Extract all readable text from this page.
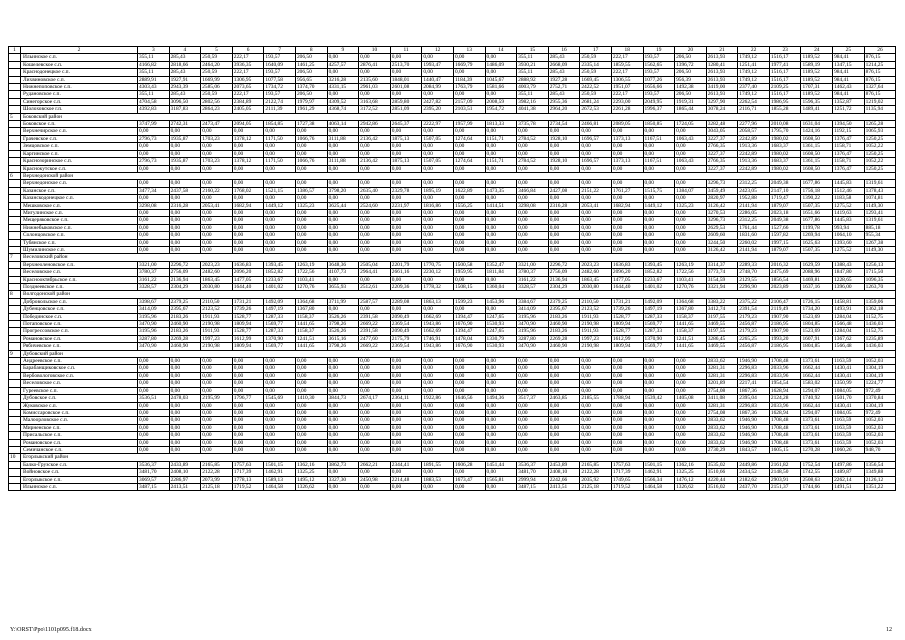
1	2	3	4	5	6	7	8	9	10	11	12	13	14	15	16	17	18	19	20	21	22	23	24	25	26
	Ильинское с.п.	355,11	285,43	250,59	222,17	193,57	206,50	0,00	0,00	0,00	0,00	0,00	0,00	355,11	285,43	250,59	222,17	193,57	206,50	2613,93	1749,12	1516,17	1189,52	984,41	876,15
	Кошелевское с.п.	4166,82	2818,66	2464,20	3936,35	1640,09	1461,25	4257,57	2876,41	2513,70	1993,47	1669,79	1486,09	3930,21	2668,09	2335,14	1859,55	1562,65	1396,72	1280,41	1251,41	1977,41	1589,19	1347,15	1214,25
	Краснодонецкое с.п.	355,11	285,43	250,59	222,17	193,57	206,50	0,00	0,00	0,00	0,00	0,00	0,00	355,11	285,43	250,59	222,17	193,57	206,50	2613,93	1749,12	1516,17	1189,52	984,41	876,15
	Лихвиновское с.п.	2889,91	1927,91	1669,99	1306,95	1077,58	956,65	3216,28	2135,60	1848,01	1440,47	1184,39	1045,67	2888,92	1927,28	1669,45	1306,55	1077,26	956,39	2613,93	1749,12	1516,17	1189,52	984,41	876,15
	Нижнепоповское с.п.	4303,43	2943,39	2585,06	2073,65	1734,72	1374,70	4331,15	2961,03	2601,08	2084,99	1763,79	1581,66	4003,79	2752,71	2422,52	1951,07	1656,66	1492,38	3419,00	2377,40	2109,25	1707,31	1462,43	1327,64
	Рудановское с.п.	355,11	285,43	250,59	222,17	193,57	206,50	0,00	0,00	0,00	0,00	0,00	0,00	355,11	285,43	250,59	222,17	193,57	206,50	2613,93	1749,12	1516,17	1189,52	984,41	876,15
	Синегорское с.п.	4704,58	3096,50	2802,56	2384,89	2122,74	1979,97	4309,52	3163,68	2859,80	2427,82	2157,09	2008,59	3982,16	2955,36	2681,24	2293,00	2049,95	1919,31	3297,90	2262,54	1986,95	1596,35	1352,87	1219,02
	Шолоховское г.п.	4392,83	3187,83	2864,23	2405,05	2111,39	1961,29	4368,74	3172,52	2851,09	2395,20	2103,51	1954,72	4041,38	2964,20	2672,53	2261,28	1996,37	1865,44	3078,24	2116,71	1855,28	1489,41	1251,72	1135,94
5	Боковский район																								
	Боковское с.п.	3747,99	2742,31	2473,47	2094,05	1854,85	1727,38	4063,14	2942,86	2645,37	2222,97	1957,99	1813,33	3735,78	2734,54	2466,81	2089,05	1850,85	1724,05	3282,48	2277,96	2010,08	1631,04	1394,50	1265,28
	Верхнечирское с.п.	0,00	0,00	0,00	0,00	0,00	0,00	0,00	0,00	0,00	0,00	0,00	0,00	0,00	0,00	0,00	0,00	0,00	0,00	3043,05	2058,57	1795,70	1424,16	1192,15	1065,93
	Грачевское с.п.	2796,73	1935,87	1703,23	1378,12	1171,50	1066,76	3111,88	2136,42	1875,13	1507,05	1274,64	1151,71	2784,52	1928,10	1696,57	1373,13	1167,51	1063,43	3227,37	2242,89	1980,02	1608,50	1376,47	1250,25
	Земцовское с.п.	0,00	0,00	0,00	0,00	0,00	0,00	0,00	0,00	0,00	0,00	0,00	0,00	0,00	0,00	0,00	0,00	0,00	0,00	2766,35	1913,36	1683,37	1361,15	1158,71	1052,22
	Каргинское с.п.	0,00	0,00	0,00	0,00	0,00	0,00	0,00	0,00	0,00	0,00	0,00	0,00	0,00	0,00	0,00	0,00	0,00	0,00	3227,37	2242,89	1980,02	1608,50	1376,47	1250,25
	Краснозоринское с.п.	2796,73	1935,87	1703,23	1378,12	1171,50	1066,76	3111,88	2136,42	1875,13	1507,05	1274,64	1151,71	2784,52	1928,10	1696,57	1373,13	1167,51	1063,43	2766,35	1913,36	1683,37	1361,15	1158,71	1052,22
	Краснокутское с.п.	0,00	0,00	0,00	0,00	0,00	0,00	0,00	0,00	0,00	0,00	0,00	0,00	0,00	0,00	0,00	0,00	0,00	0,00	3227,37	2242,89	1980,02	1608,50	1376,47	1250,25
6	Верхнедонской район																								
	Верхнедонское с.п.	0,00	0,00	0,00	0,00	0,00	0,00	0,00	0,00	0,00	0,00	0,00	0,00	0,00	0,00	0,00	0,00	0,00	0,00	3296,73	2312,25	2049,38	1677,86	1445,83	1319,61
	Казанское с.п.	3477,34	2437,58	2160,22	1768,02	1521,15	1386,57	3798,20	2635,40	2329,78	1895,19	1622,89	1473,35	3466,84	2427,08	2151,22	1761,27	1515,75	1384,07	3459,49	2423,05	2147,10	1756,18	1512,46	1378,43
	Казанскодонецкое с.п.	0,00	0,00	0,00	0,00	0,00	0,00	0,00	0,00	0,00	0,00	0,00	0,00	0,00	0,00	0,00	0,00	0,00	0,00	2820,97	1952,88	1719,47	1390,22	1183,58	1074,81
	Мешковское с.п.	3298,08	2316,28	2053,41	1682,94	1449,12	1325,23	3625,44	2524,60	2231,97	1816,86	1556,25	1414,51	3298,08	2316,28	2053,41	1682,94	1449,12	1325,23	3126,42	2141,94	1879,07	1507,35	1275,52	1149,30
	Мигулинское с.п.	0,00	0,00	0,00	0,00	0,00	0,00	0,00	0,00	0,00	0,00	0,00	0,00	0,00	0,00	0,00	0,00	0,00	0,00	3270,53	2286,05	2023,18	1651,66	1419,63	1293,41
	Мещеряковское с.п.	0,00	0,00	0,00	0,00	0,00	0,00	0,00	0,00	0,00	0,00	0,00	0,00	0,00	0,00	0,00	0,00	0,00	0,00	3296,73	2312,25	2049,38	1677,86	1445,83	1319,61
	Нижнебыковское с.п.	0,00	0,00	0,00	0,00	0,00	0,00	0,00	0,00	0,00	0,00	0,00	0,00	0,00	0,00	0,00	0,00	0,00	0,00	2629,53	1761,44	1527,66	1199,78	993,94	885,18
	Солонцовское с.п.	0,00	0,00	0,00	0,00	0,00	0,00	0,00	0,00	0,00	0,00	0,00	0,00	0,00	0,00	0,00	0,00	0,00	0,00	2609,60	1831,60	1597,82	1269,94	1064,10	955,34
	Тубянское с.п.	0,00	0,00	0,00	0,00	0,00	0,00	0,00	0,00	0,00	0,00	0,00	0,00	0,00	0,00	0,00	0,00	0,00	0,00	3244,50	2260,02	1997,15	1625,63	1393,60	1267,38
	Шумилинское с.п.	0,00	0,00	0,00	0,00	0,00	0,00	0,00	0,00	0,00	0,00	0,00	0,00	0,00	0,00	0,00	0,00	0,00	0,00	3126,42	2141,94	1879,07	1507,35	1275,52	1149,30
7	Веселовский район																								
	Верхнеоленовское с.п.	3321,00	2296,72	2023,23	1636,83	1393,45	1263,19	3648,36	2505,04	2201,79	1770,75	1500,58	1352,47	3321,00	2296,72	2023,23	1636,83	1393,45	1263,19	3314,37	2289,33	2016,32	1629,59	1388,43	1256,13
	Веселовское с.п.	3780,37	2756,09	2482,60	2096,20	1852,82	1722,56	4107,73	2964,41	2661,16	2230,12	1959,95	1811,84	3780,37	2756,09	2482,60	2096,20	1852,82	1722,56	3773,74	2748,70	2475,69	2088,96	1847,80	1715,50
	Краснооктябрьское с.п.	3161,22	2136,94	1863,45	1477,05	1233,67	1103,41	0,00	0,00	0,00	0,00	0,00	0,00	3161,22	2136,94	1863,45	1477,05	1233,67	1103,41	3154,59	2129,55	1856,54	1469,81	1228,65	1096,35
	Позднеевское с.п.	3328,57	2304,29	2030,80	1644,40	1401,02	1270,76	3655,93	2512,61	2209,36	1778,32	1508,15	1360,04	3328,57	2304,29	2030,80	1644,40	1401,02	1270,76	3321,94	2296,90	2023,89	1637,16	1396,00	1263,70
8	Волгодонской район																								
	Добровольское с.п.	3398,67	2379,25	2110,50	1731,21	1492,09	1364,68	3711,99	2587,57	2289,08	1863,13	1599,23	1453,96	3384,67	2379,25	2110,50	1731,21	1492,09	1364,68	3383,22	2375,22	2106,47	1726,15	1458,81	1359,06
	Дубенцовское с.п.	3414,09	2395,67	2123,52	1739,26	1497,19	1367,80	0,00	0,00	0,00	0,00	0,00	0,00	3414,09	2395,67	2123,52	1739,26	1497,19	1367,80	3412,74	2391,54	2119,49	1734,20	1493,91	1362,18
	Побединское с.п.	3195,96	2183,26	1911,93	1528,77	1287,33	1158,37	3526,26	2391,58	2090,49	1662,69	1394,47	1247,65	3195,96	2183,26	1911,93	1528,77	1287,33	1158,37	3197,55	2179,23	1907,90	1523,69	1284,04	1152,75
	Потаповское с.п.	3470,90	2460,90	2190,98	1809,94	1569,77	1441,65	3798,26	2669,22	2369,54	1943,86	1676,90	1530,93	3470,90	2460,90	2190,98	1809,94	1569,77	1441,65	3469,55	2456,87	2186,95	1804,85	1566,48	1436,03
	Прогрессовское с.п.	3195,96	2183,26	1911,93	1528,77	1287,33	1158,37	3526,26	2391,58	2090,49	1662,69	1394,47	1247,65	3195,96	2183,26	1911,93	1528,77	1287,33	1158,37	3197,55	2179,23	1907,90	1523,69	1284,04	1152,75
	Романовское с.п.	3287,80	2269,28	1997,23	1612,99	1370,90	1241,51	3615,16	2477,60	2175,79	1746,91	1478,04	1330,79	3287,80	2269,28	1997,23	1612,99	1370,90	1241,51	3286,45	2265,25	1993,20	1607,91	1367,62	1235,89
	Рябичевское с.п.	3470,90	2460,90	2190,98	1809,94	1569,77	1441,65	3798,26	2669,22	2369,54	1943,86	1676,90	1530,93	3470,90	2460,90	2190,98	1809,94	1569,77	1441,65	3469,55	2456,87	2186,95	1804,85	1566,48	1436,03
9	Дубовский район																								
	Андреевское с.п.	0,00	0,00	0,00	0,00	0,00	0,00	0,00	0,00	0,00	0,00	0,00	0,00	0,00	0,00	0,00	0,00	0,00	0,00	2833,62	1946,90	1708,48	1373,61	1163,59	1052,03
	Барабанщиковское с.п.	0,00	0,00	0,00	0,00	0,00	0,00	0,00	0,00	0,00	0,00	0,00	0,00	0,00	0,00	0,00	0,00	0,00	0,00	3281,31	2296,83	2033,96	1662,44	1430,41	1304,19
	Вербовологовское с.п.	0,00	0,00	0,00	0,00	0,00	0,00	0,00	0,00	0,00	0,00	0,00	0,00	0,00	0,00	0,00	0,00	0,00	0,00	3281,31	2296,83	2033,96	1662,44	1430,41	1304,19
	Веселовское с.п.	0,00	0,00	0,00	0,00	0,00	0,00	0,00	0,00	0,00	0,00	0,00	0,00	0,00	0,00	0,00	0,00	0,00	0,00	3201,89	2217,41	1954,54	1583,02	1350,99	1224,77
	Гуреевское с.п.	0,00	0,00	0,00	0,00	0,00	0,00	0,00	0,00	0,00	0,00	0,00	0,00	0,00	0,00	0,00	0,00	0,00	0,00	2754,08	1867,36	1628,94	1294,07	1084,05	972,49
	Дубовское с.п.	3536,51	2478,03	2195,99	1796,77	1545,69	1410,30	3844,73	2674,17	2364,11	1922,86	1646,56	1494,36	3517,37	2463,85	2185,55	1788,94	1539,42	1405,08	3411,08	2395,04	2124,28	1740,92	1501,70	1370,84
	Жуковское с.п.	0,00	0,00	0,00	0,00	0,00	0,00	0,00	0,00	0,00	0,00	0,00	0,00	0,00	0,00	0,00	0,00	0,00	0,00	3281,31	2296,83	2033,96	1662,44	1430,41	1304,19
	Комиссаровское с.п.	0,00	0,00	0,00	0,00	0,00	0,00	0,00	0,00	0,00	0,00	0,00	0,00	0,00	0,00	0,00	0,00	0,00	0,00	2754,08	1867,36	1628,94	1294,07	1084,05	972,49
	Малоорловское с.п.	0,00	0,00	0,00	0,00	0,00	0,00	0,00	0,00	0,00	0,00	0,00	0,00	0,00	0,00	0,00	0,00	0,00	0,00	2833,62	1946,90	1708,48	1373,61	1163,59	1052,03
	Мирненское с.п.	0,00	0,00	0,00	0,00	0,00	0,00	0,00	0,00	0,00	0,00	0,00	0,00	0,00	0,00	0,00	0,00	0,00	0,00	2833,62	1946,90	1708,48	1373,61	1163,59	1052,03
	Присальское с.п.	0,00	0,00	0,00	0,00	0,00	0,00	0,00	0,00	0,00	0,00	0,00	0,00	0,00	0,00	0,00	0,00	0,00	0,00	2833,62	1946,90	1708,48	1373,61	1163,59	1052,03
	Романовское с.п.	0,00	0,00	0,00	0,00	0,00	0,00	0,00	0,00	0,00	0,00	0,00	0,00	0,00	0,00	0,00	0,00	0,00	0,00	2833,62	1946,90	1708,48	1373,61	1163,59	1052,03
	Семичанское с.п.	0,00	0,00	0,00	0,00	0,00	0,00	0,00	0,00	0,00	0,00	0,00	0,00	0,00	0,00	0,00	0,00	0,00	0,00	2730,29	1843,57	1605,15	1270,28	1060,26	948,70
10	Егорлыкский район																								
	Балко-Грузское с.п.	3536,37	2433,89	2165,85	1757,63	1501,15	1362,16	3862,73	2662,21	2344,41	1891,55	1606,28	1451,44	3536,37	2453,89	2165,85	1757,63	1501,15	1362,16	3535,02	2449,86	2161,82	1752,54	1497,86	1356,54
	Войновское с.п.	3481,70	2408,10	2122,28	1717,39	1462,91	1325,25	0,00	0,00	0,00	0,00	0,00	0,00	3481,70	2408,10	2122,28	1717,39	1462,91	1325,25	3510,66	2434,52	2148,50	1742,55	1489,87	1349,88
	Егорлыкское с.п.	3069,57	2286,97	2073,99	1778,13	1589,13	1495,12	3327,30	2450,98	2214,48	1883,53	1673,47	1565,81	2999,94	2242,66	2035,92	1749,65	1566,34	1476,12	4220,44	2182,62	2903,91	2508,63	2262,14	2126,12
	Ильинское с.п.	3487,15	2413,51	2125,18	1719,52	1464,58	1326,62	0,00	0,00	0,00	0,00	0,00	0,00	3487,15	2413,51	2125,18	1719,52	1464,58	1326,62	3516,02	2437,70	2151,37	1744,66	1491,51	1351,22
Y:\ORST\Ppo\1101p095.f18.docx	12
